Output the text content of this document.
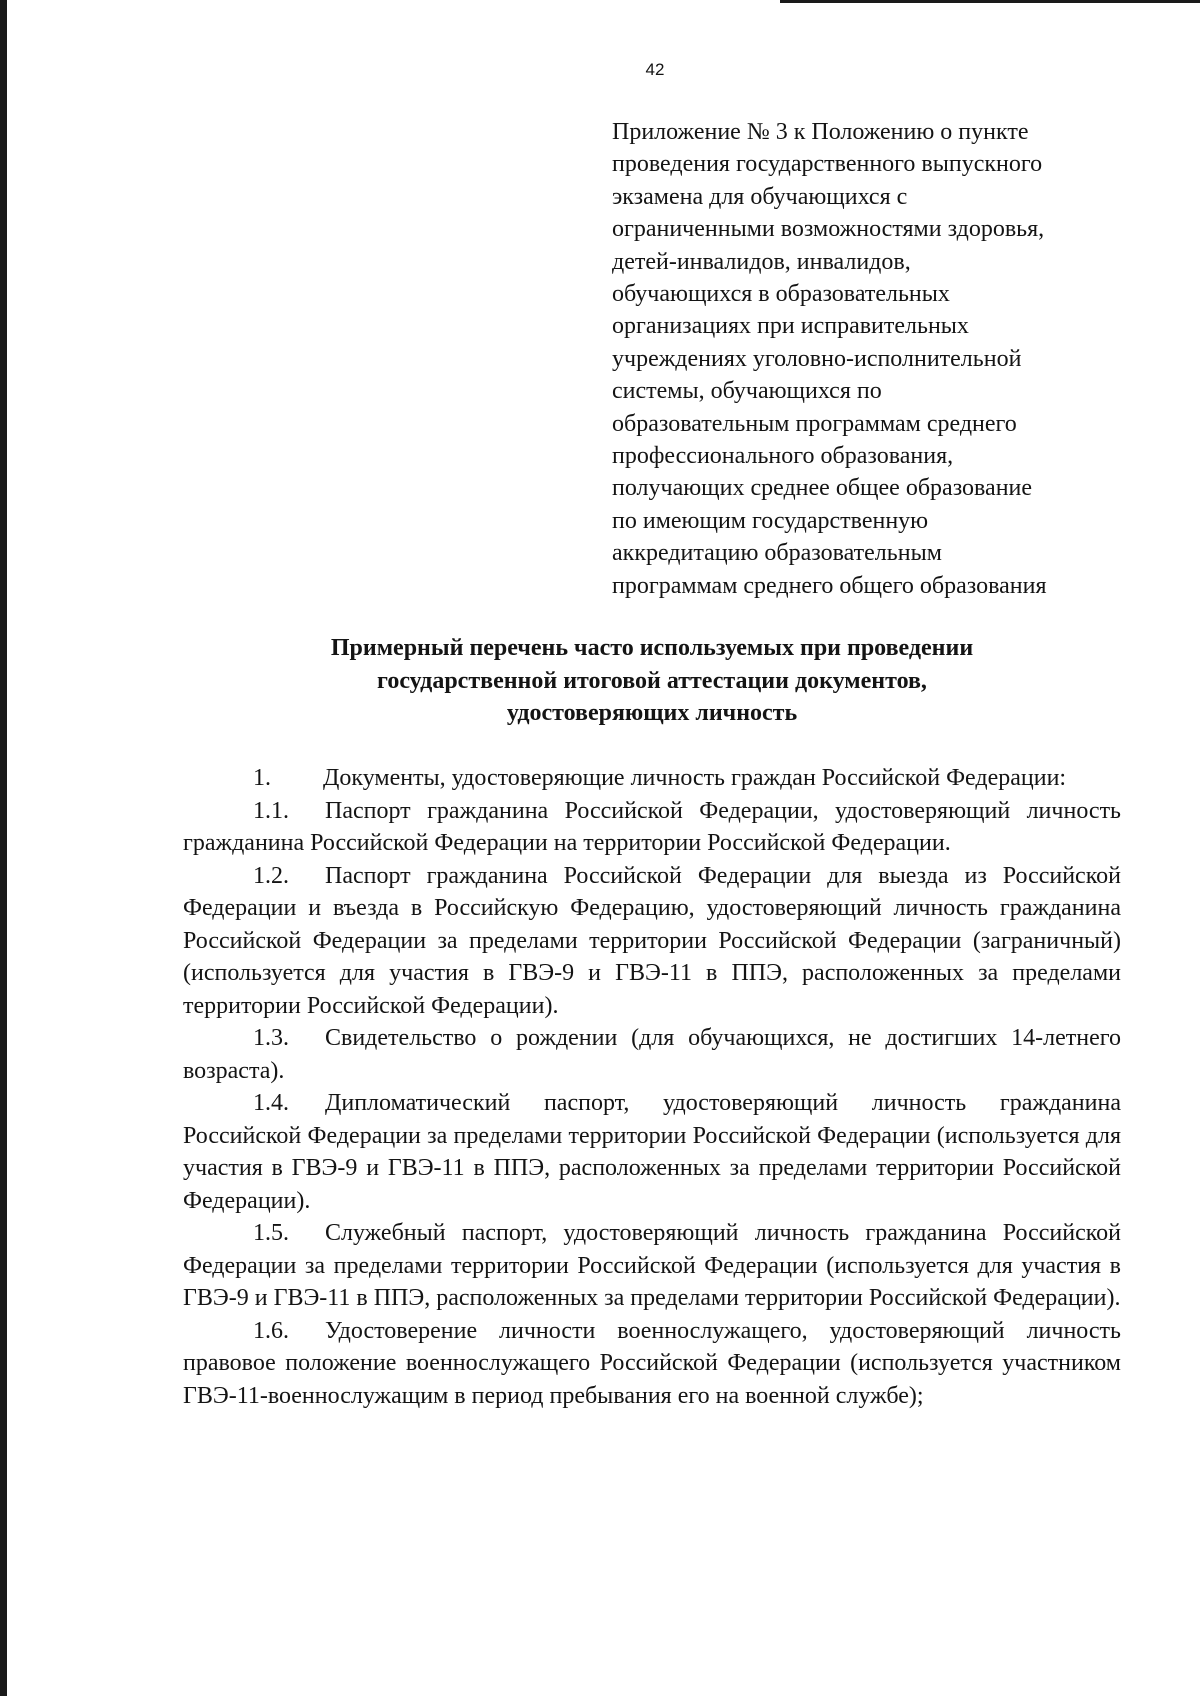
42
Приложение № 3 к Положению о пункте
проведения государственного выпускного
экзамена для обучающихся с
ограниченными возможностями здоровья,
детей-инвалидов, инвалидов,
обучающихся в образовательных
организациях при исправительных
учреждениях уголовно-исполнительной
системы, обучающихся по
образовательным программам среднего
профессионального образования,
получающих среднее общее образование
по имеющим государственную
аккредитацию образовательным
программам среднего общего образования
Примерный перечень часто используемых при проведении
государственной итоговой аттестации документов,
удостоверяющих личность

1. Документы, удостоверяющие личность граждан Российской Федерации:

1.1. Паспорт гражданина Российской Федерации, удостоверяющий личность гражданина Российской Федерации на территории Российской Федерации.

1.2. Паспорт гражданина Российской Федерации для выезда из Российской Федерации и въезда в Российскую Федерацию, удостоверяющий личность гражданина Российской Федерации за пределами территории Российской Федерации (заграничный) (используется для участия в ГВЭ-9 и ГВЭ-11 в ППЭ, расположенных за пределами территории Российской Федерации).

1.3. Свидетельство о рождении (для обучающихся, не достигших 14-летнего возраста).

1.4. Дипломатический паспорт, удостоверяющий личность гражданина Российской Федерации за пределами территории Российской Федерации (используется для участия в ГВЭ-9 и ГВЭ-11 в ППЭ, расположенных за пределами территории Российской Федерации).

1.5. Служебный паспорт, удостоверяющий личность гражданина Российской Федерации за пределами территории Российской Федерации (используется для участия в ГВЭ-9 и ГВЭ-11 в ППЭ, расположенных за пределами территории Российской Федерации).

1.6. Удостоверение личности военнослужащего, удостоверяющий личность правовое положение военнослужащего Российской Федерации (используется участником ГВЭ-11-военнослужащим в период пребывания его на военной службе);
